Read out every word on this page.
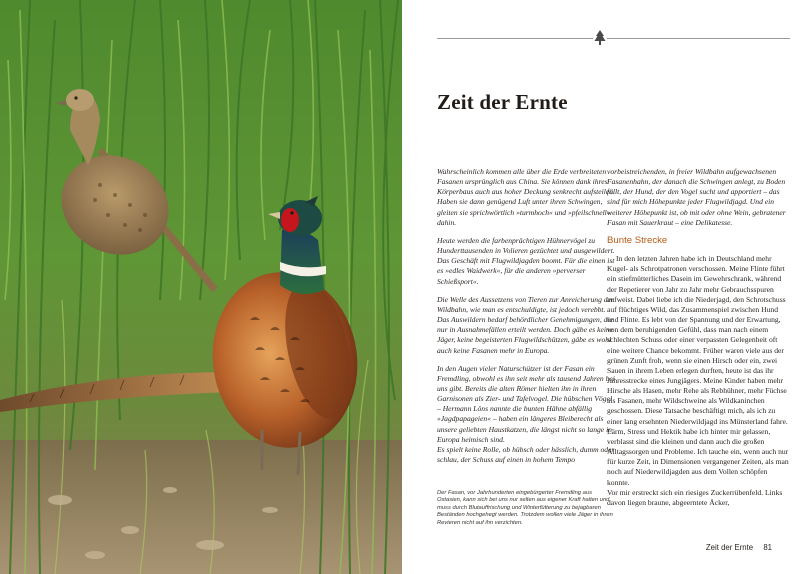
Der Fasan, vor Jahrhunderten eingebürgerter Fremdling aus Ostasien, kann sich bei uns nur selten aus eigener Kraft halten und muss durch Blutauffrischung und Winterfütterung zu bejagbaren Beständen hochgehegt werden. Trotzdem wollen viele Jäger in ihren Revieren nicht auf ihn verzichten.
Zeit der Ernte

Wahrscheinlich kommen alle über die Erde verbreiteten Fasanen ursprünglich aus China. Sie können dank ihres Körperbaus auch aus hoher Deckung senkrecht aufsteilen. Haben sie dann genügend Luft unter ihren Schwingen, gleiten sie sprichwörtlich »turmhoch« und »pfeilschnell« dahin.

Heute werden die farbenprächtigen Hühnervögel zu Hunderttausenden in Volieren gezüchtet und ausgewildert. Das Geschäft mit Flugwildjagden boomt. Für die einen ist es »edles Waidwerk«, für die anderen »perverser Schießsport«.

Die Welle des Aussetzens von Tieren zur Anreicherung der Wildbahn, wie man es entschuldigte, ist jedoch verebbt. Das Auswildern bedarf behördlicher Genehmigungen, die nur in Ausnahmefällen erteilt werden. Doch gäbe es keine Jäger, keine begeisterten Flugwildschützen, gäbe es wohl auch keine Fasanen mehr in Europa.

In den Augen vieler Naturschützer ist der Fasan ein Fremdling, obwohl es ihn seit mehr als tausend Jahren bei uns gibt. Bereits die alten Römer hielten ihn in ihren Garnisonen als Zier- und Tafelvogel. Die hübschen Vögel – Hermann Löns nannte die bunten Hähne abfällig »Jagdpapageien« – haben ein längeres Bleiberecht als unsere geliebten Haustkatzen, die längst nicht so lange in Europa heimisch sind.

Es spielt keine Rolle, ob hübsch oder hässlich, dumm oder schlau, der Schuss auf einen in hohem Tempo

vorbeistreichenden, in freier Wildbahn aufgewachsenen Fasanenhahn, der danach die Schwingen anlegt, zu Boden fällt, der Hund, der den Vogel sucht und apportiert – das sind für mich Höhepunkte jeder Flugwildjagd. Und ein weiterer Höhepunkt ist, ob mit oder ohne Wein, gebratener Fasan mit Sauerkraut – eine Delikatesse.

Bunte Strecke

In den letzten Jahren habe ich in Deutschland mehr Kugel- als Schrotpatronen verschossen. Meine Flinte führt ein stiefmütterliches Dasein im Gewehrschrank, während der Repetierer von Jahr zu Jahr mehr Gebrauchsspuren aufweist. Dabei liebe ich die Niederjagd, den Schrotschuss auf flüchtiges Wild, das Zusammenspiel zwischen Hund und Flinte. Es lebt von der Spannung und der Erwartung, von dem beruhigenden Gefühl, dass man nach einem schlechten Schuss oder einer verpassten Gelegenheit oft eine weitere Chance bekommt. Früher waren viele aus der grünen Zunft froh, wenn sie einen Hirsch oder ein, zwei Sauen in ihrem Leben erlegen durften, heute ist das ihr Jahresstrecke eines Jungjägers. Meine Kinder haben mehr Hirsche als Hasen, mehr Rehe als Rebhühner, mehr Füchse als Fasanen, mehr Wildschweine als Wildkaninchen geschossen. Diese Tatsache beschäftigt mich, als ich zu einer lang ersehnten Niederwildjagd ins Münsterland fahre.

Lärm, Stress und Hektik habe ich hinter mir gelassen, verblasst sind die kleinen und dann auch die großen Alltagssorgen und Probleme. Ich tauche ein, wenn auch nur für kurze Zeit, in Dimensionen vergangener Zeiten, als man noch auf Niederwildjagden aus dem Vollen schöpfen konnte.

Vor mir erstreckt sich ein riesiges Zuckerrübenfeld. Links davon liegen braune, abgeerntete Äcker,

Zeit der Ernte 81
